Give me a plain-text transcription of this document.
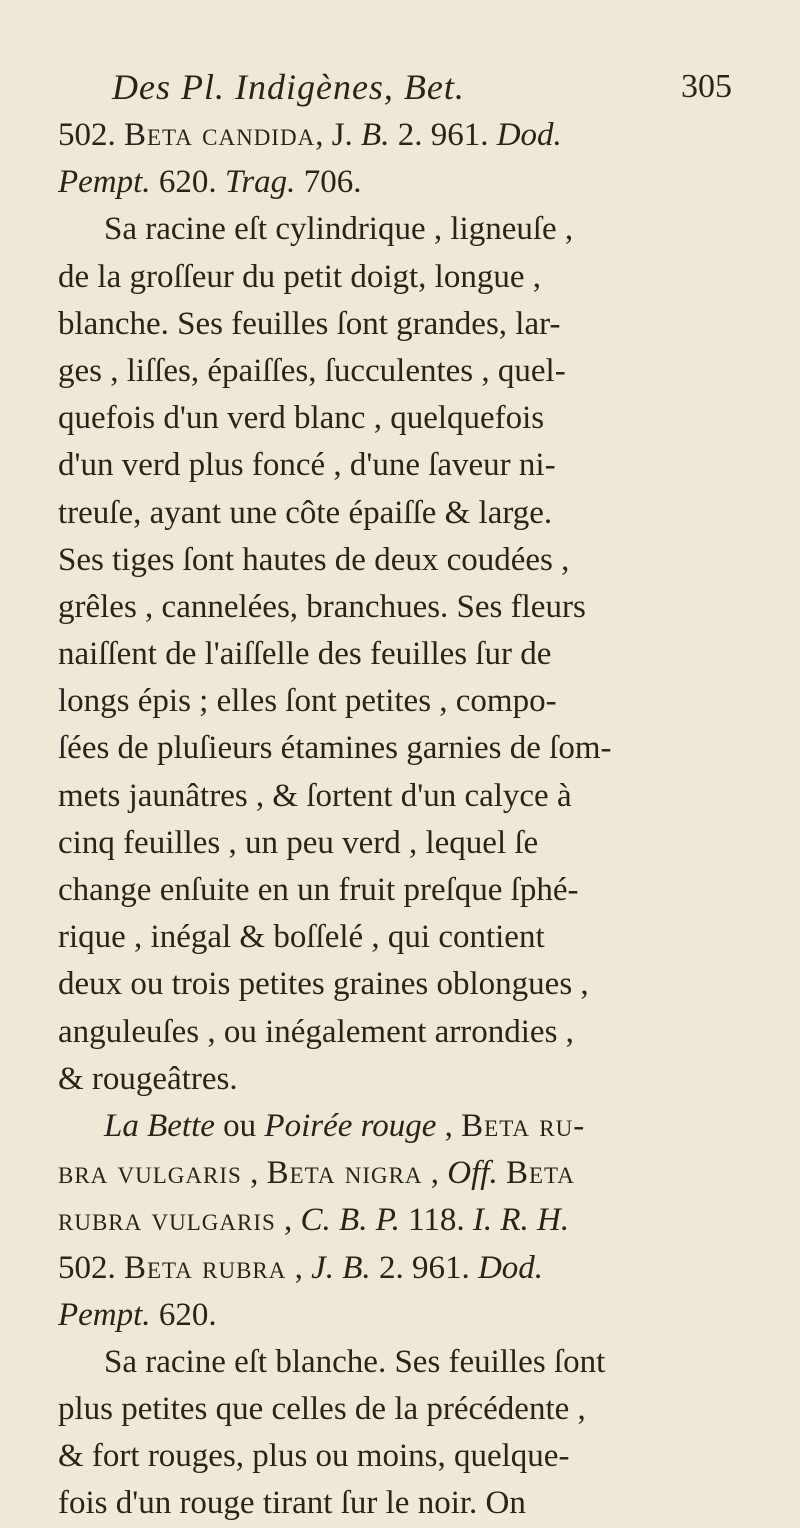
Des Pl. Indigènes, Bet.	305
502. Beta candida, J. B. 2. 961. Dod.
Pempt. 620. Trag. 706.
Sa racine eſt cylindrique , ligneuſe ,
de la groſſeur du petit doigt, longue ,
blanche. Ses feuilles ſont grandes, lar-
ges , liſſes, épaiſſes, ſucculentes , quel-
quefois d'un verd blanc , quelquefois
d'un verd plus foncé , d'une ſaveur ni-
treuſe, ayant une côte épaiſſe & large.
Ses tiges ſont hautes de deux coudées ,
grêles , cannelées, branchues. Ses fleurs
naiſſent de l'aiſſelle des feuilles ſur de
longs épis ; elles ſont petites , compo-
ſées de pluſieurs étamines garnies de ſom-
mets jaunâtres , & ſortent d'un calyce à
cinq feuilles , un peu verd , lequel ſe
change enſuite en un fruit preſque ſphé-
rique , inégal & boſſelé , qui contient
deux ou trois petites graines oblongues ,
anguleuſes , ou inégalement arrondies ,
& rougeâtres.
La Bette ou Poirée rouge , Beta ru-
bra vulgaris , Beta nigra , Off. Beta
rubra vulgaris , C. B. P. 118. I. R. H.
502. Beta rubra , J. B. 2. 961. Dod.
Pempt. 620.
Sa racine eſt blanche. Ses feuilles ſont
plus petites que celles de la précédente ,
& fort rouges, plus ou moins, quelque-
fois d'un rouge tirant ſur le noir. On
